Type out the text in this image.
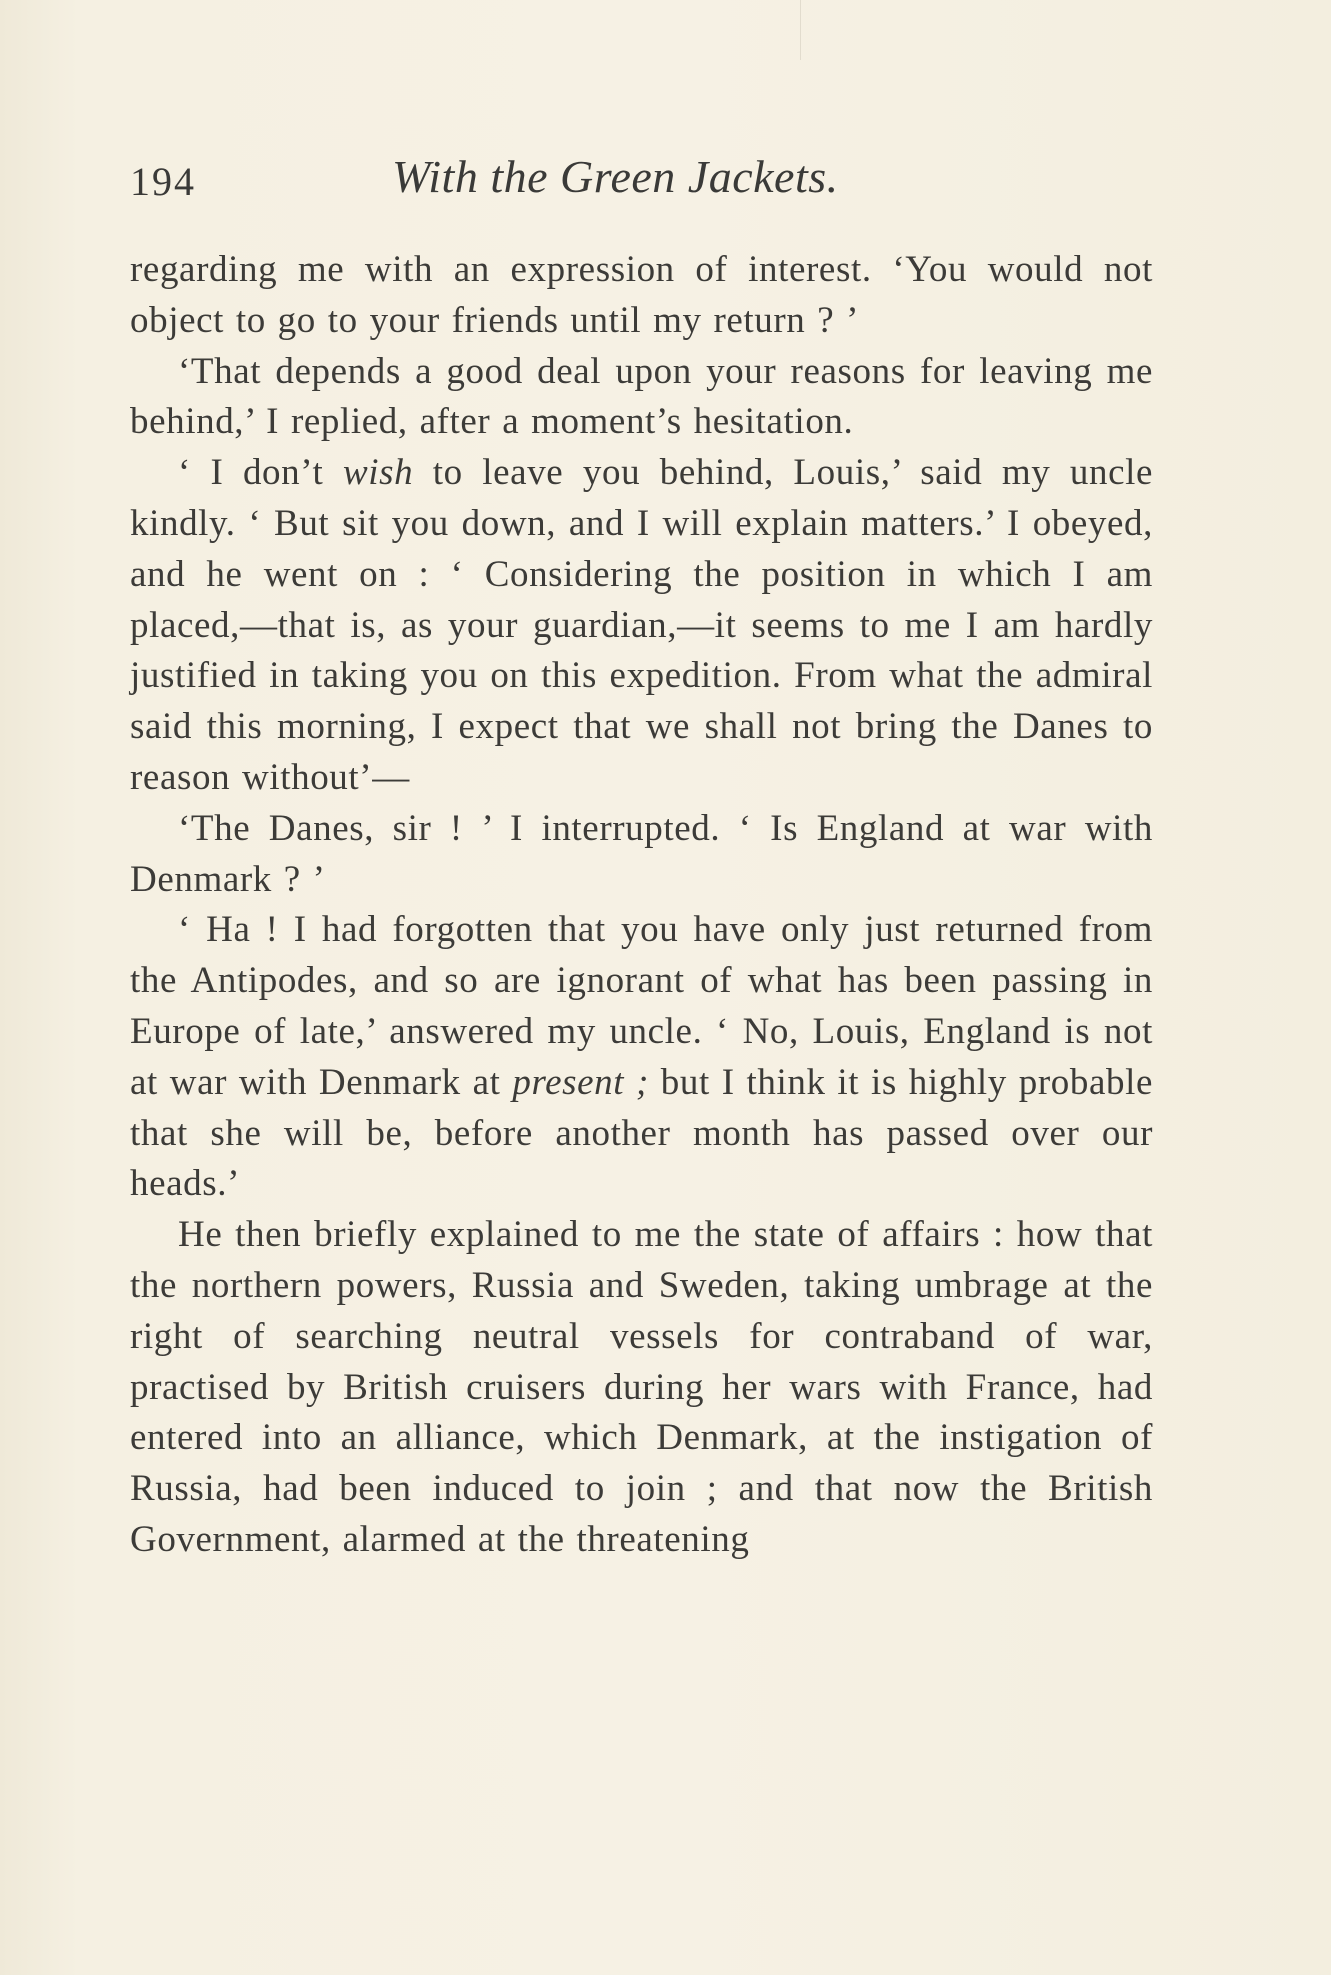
194	With the Green Jackets.

regarding me with an expression of interest. ‘You would not object to go to your friends until my return ? ’

‘That depends a good deal upon your reasons for leaving me behind,’ I replied, after a moment’s hesitation.

‘ I don’t wish to leave you behind, Louis,’ said my uncle kindly. ‘ But sit you down, and I will explain matters.’ I obeyed, and he went on : ‘ Considering the position in which I am placed,—that is, as your guardian,—it seems to me I am hardly justified in taking you on this expedition. From what the admiral said this morning, I expect that we shall not bring the Danes to reason without’—

‘The Danes, sir ! ’ I interrupted. ‘ Is England at war with Denmark ? ’

‘ Ha ! I had forgotten that you have only just returned from the Antipodes, and so are ignorant of what has been passing in Europe of late,’ answered my uncle. ‘ No, Louis, England is not at war with Denmark at present ; but I think it is highly probable that she will be, before another month has passed over our heads.’

He then briefly explained to me the state of affairs : how that the northern powers, Russia and Sweden, taking umbrage at the right of searching neutral vessels for contraband of war, practised by British cruisers during her wars with France, had entered into an alliance, which Denmark, at the instigation of Russia, had been induced to join ; and that now the British Government, alarmed at the threatening
